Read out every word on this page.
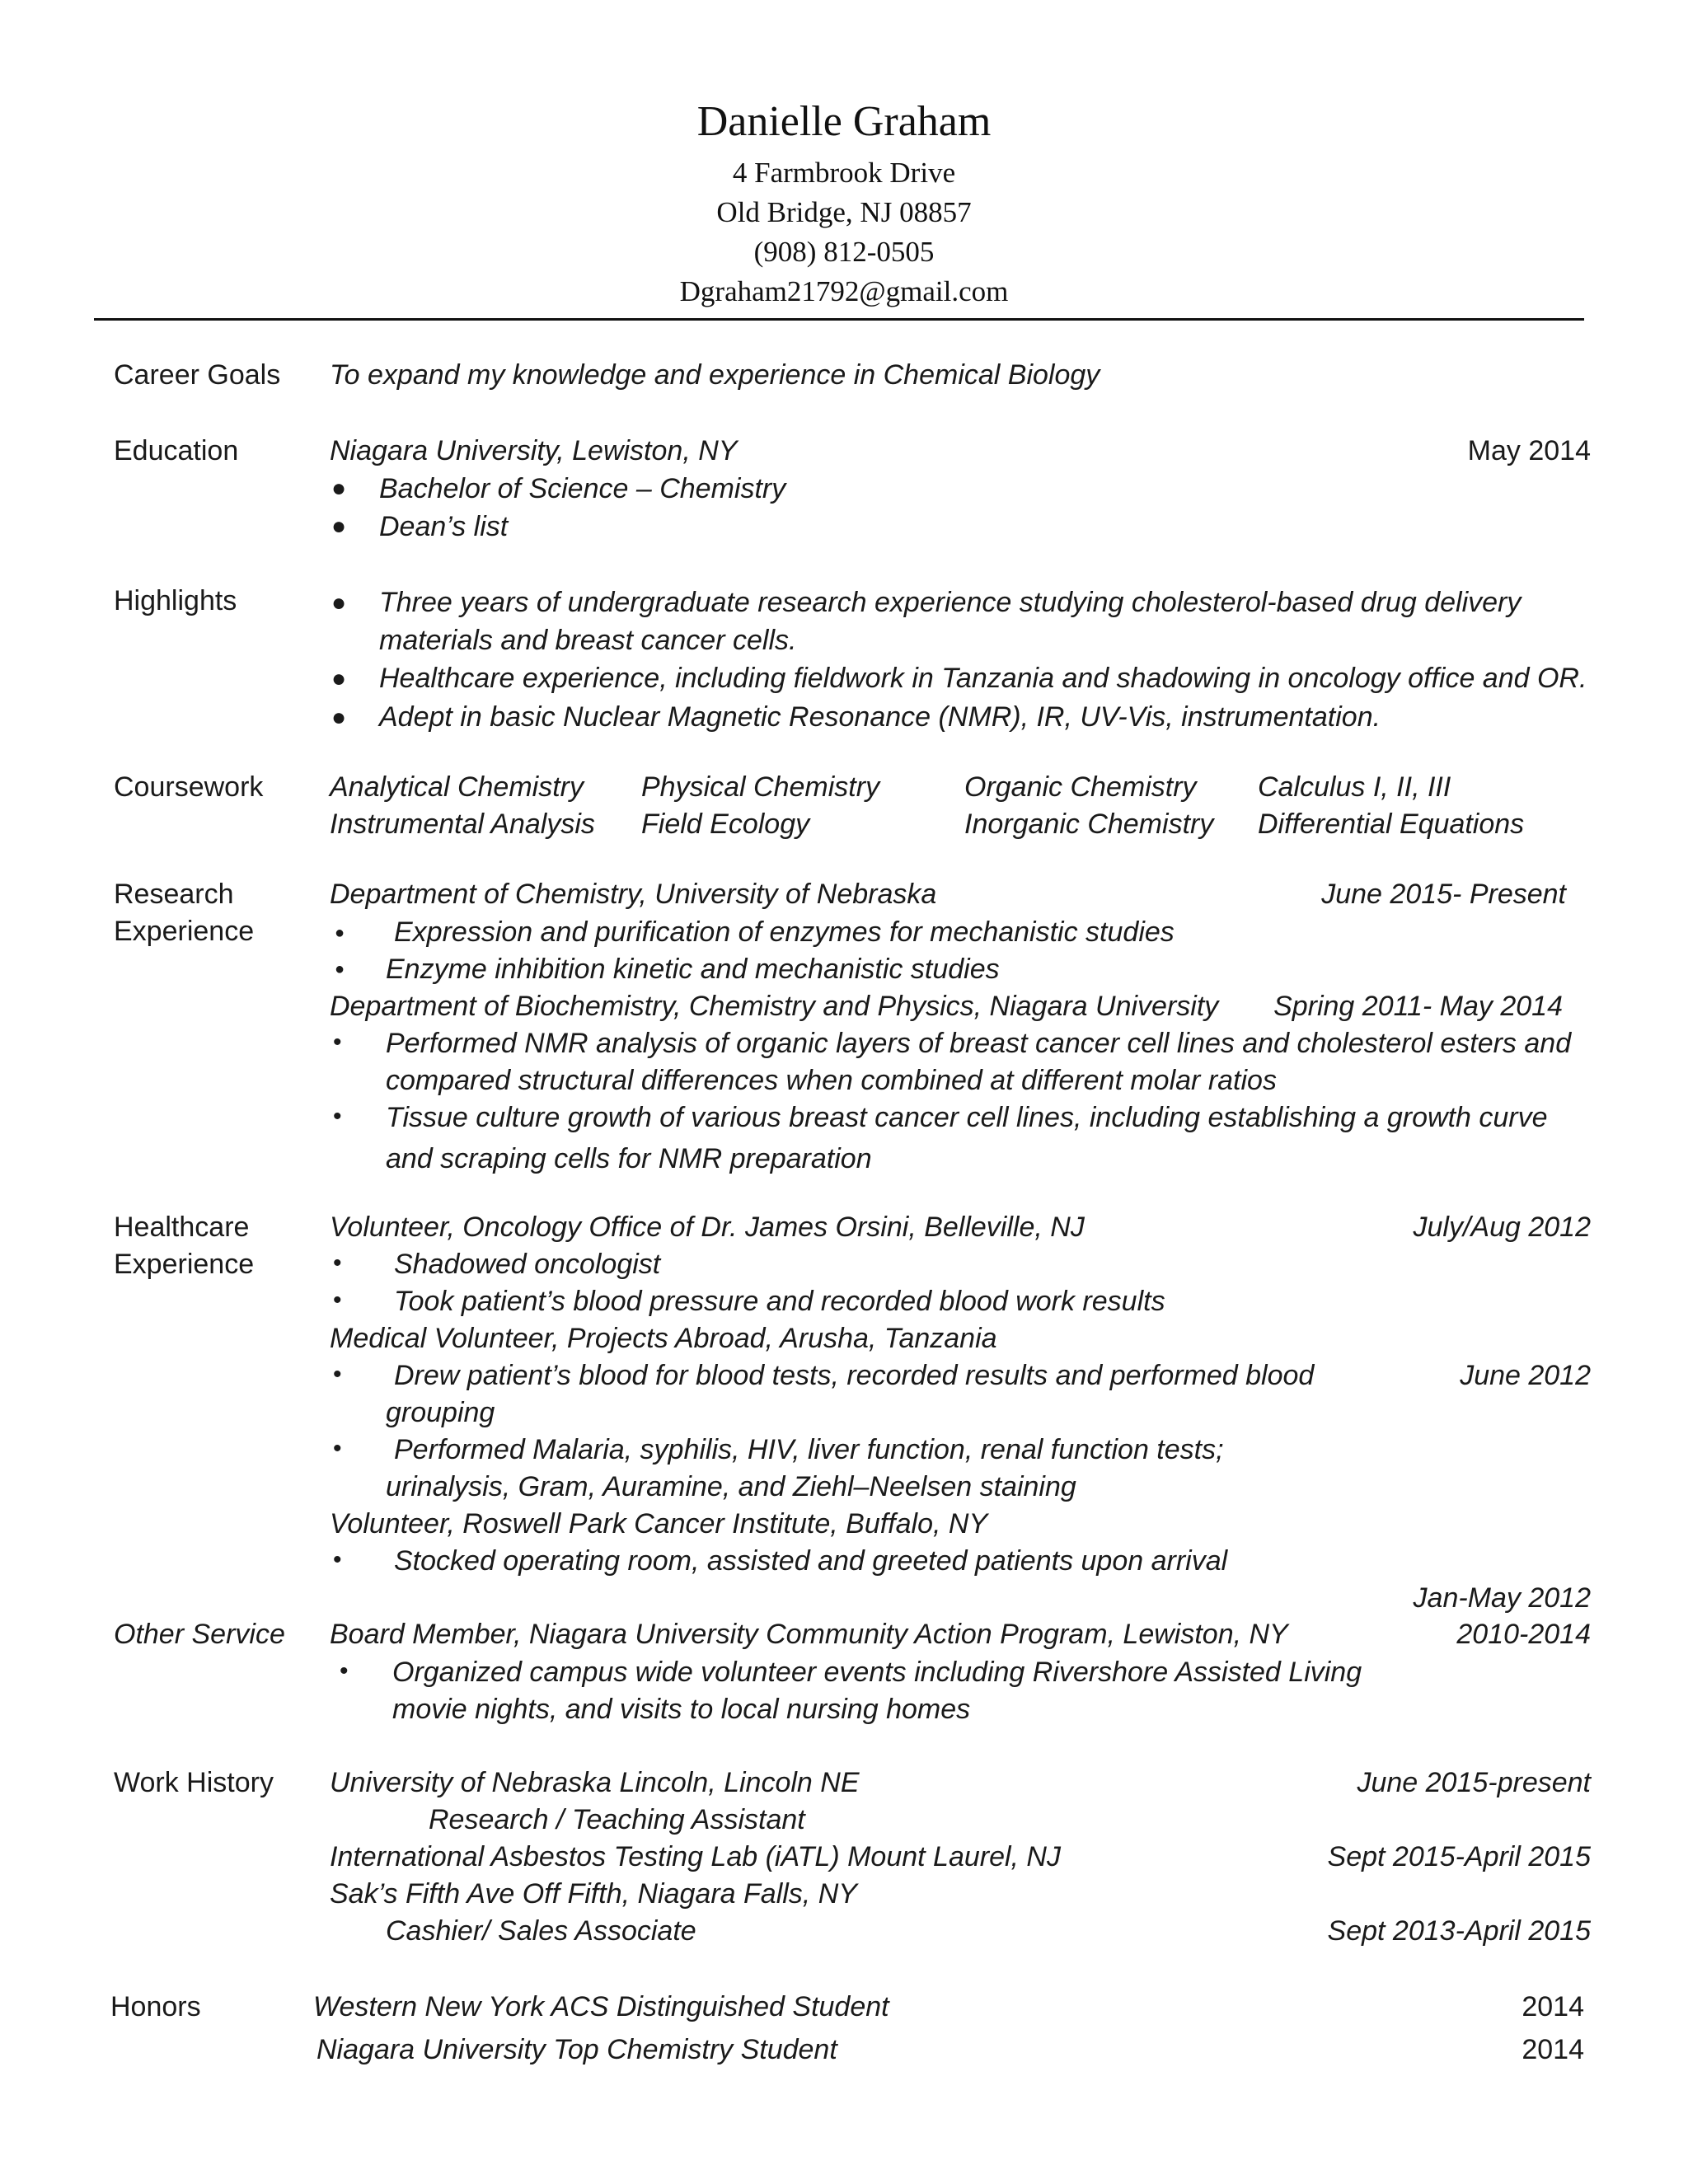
Danielle Graham
4 Farmbrook Drive
Old Bridge, NJ 08857
(908) 812-0505
Dgraham21792@gmail.com
Career Goals To expand my knowledge and experience in Chemical Biology
Education	Niagara University, Lewiston, NY	May 2014
● Bachelor of Science – Chemistry
● Dean’s list
Highlights	● Three years of undergraduate research experience studying cholesterol-based drug delivery
materials and breast cancer cells.
● Healthcare experience, including fieldwork in Tanzania and shadowing in oncology office and OR.
● Adept in basic Nuclear Magnetic Resonance (NMR), IR, UV-Vis, instrumentation.
Coursework Analytical Chemistry Physical Chemistry	Organic Chemistry Calculus I, II, III
Instrumental Analysis Field Ecology	Inorganic Chemistry Differential Equations
Research
Experience
Department of Chemistry, University of Nebraska	June 2015- Present
● Expression and purification of enzymes for mechanistic studies
● Enzyme inhibition kinetic and mechanistic studies
Department of Biochemistry, Chemistry and Physics, Niagara University Spring 2011- May 2014
• Performed NMR analysis of organic layers of breast cancer cell lines and cholesterol esters and
compared structural differences when combined at different molar ratios
• Tissue culture growth of various breast cancer cell lines, including establishing a growth curve
and scraping cells for NMR preparation
Healthcare
Experience
Volunteer, Oncology Office of Dr. James Orsini, Belleville, NJ	July/Aug 2012
• Shadowed oncologist
• Took patient’s blood pressure and recorded blood work results
Medical Volunteer, Projects Abroad, Arusha, Tanzania
• Drew patient’s blood for blood tests, recorded results and performed blood	June 2012
grouping
• Performed Malaria, syphilis, HIV, liver function, renal function tests;
urinalysis, Gram, Auramine, and Ziehl–Neelsen staining
Volunteer, Roswell Park Cancer Institute, Buffalo, NY
• Stocked operating room, assisted and greeted patients upon arrival
Jan-May 2012
Other Service Board Member, Niagara University Community Action Program, Lewiston, NY	2010-2014
• Organized campus wide volunteer events including Rivershore Assisted Living
movie nights, and visits to local nursing homes
Work History University of Nebraska Lincoln, Lincoln NE	June 2015-present
Research / Teaching Assistant
International Asbestos Testing Lab (iATL) Mount Laurel, NJ	Sept 2015-April 2015
Sak’s Fifth Ave Off Fifth, Niagara Falls, NY
Cashier/ Sales Associate	Sept 2013-April 2015
Honors	Western New York ACS Distinguished Student	2014
Niagara University Top Chemistry Student	2014
